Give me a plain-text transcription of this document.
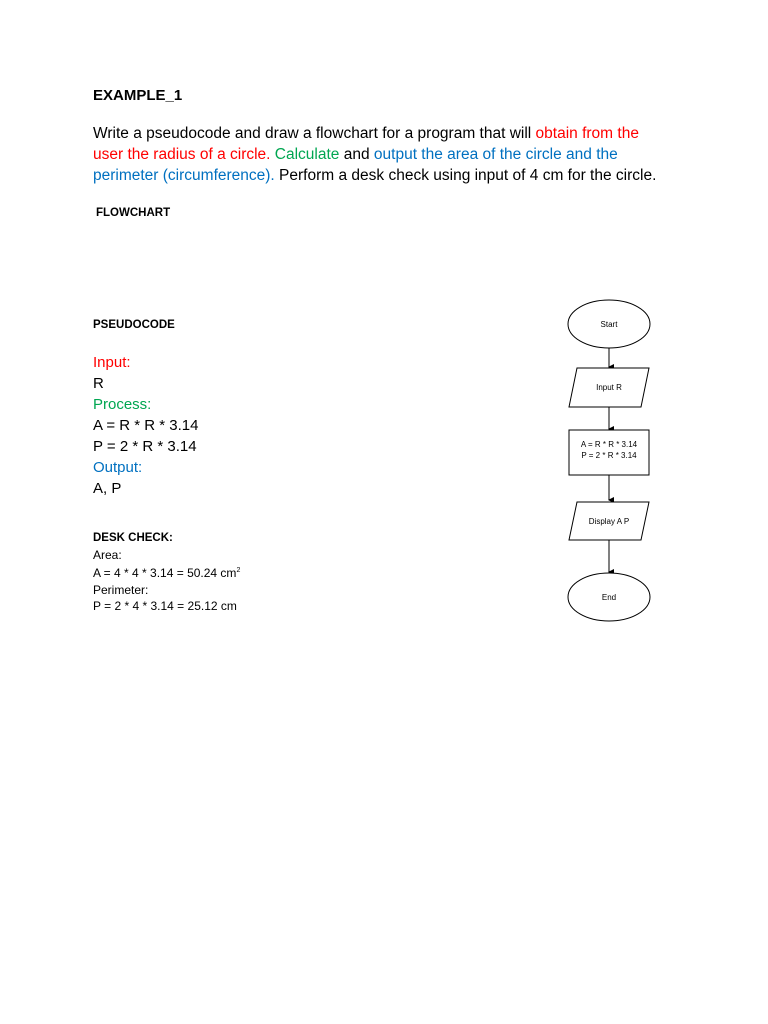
EXAMPLE_1
Write a pseudocode and draw a flowchart for a program that will obtain from the user the radius of a circle. Calculate and output the area of the circle and the perimeter (circumference). Perform a desk check using input of 4 cm for the circle.
FLOWCHART
PSEUDOCODE
Input:
R
Process:
A = R * R * 3.14
P = 2 * R * 3.14
Output:
A, P
DESK CHECK:
Area:
A = 4 * 4 * 3.14 = 50.24 $cm^2$
Perimeter:
P = 2 * 4 * 3.14 = 25.12 cm
Start
Input R
A = R * R * 3.14
P = 2 * R * 3.14
Display A P
End
